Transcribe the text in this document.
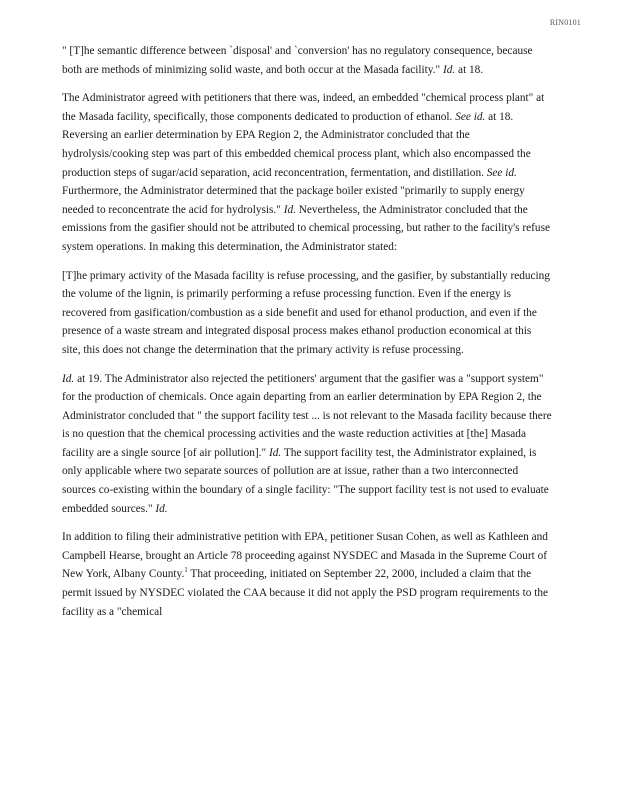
RIN0101

" [T]he semantic difference between `disposal' and `conversion' has no regulatory consequence, because both are methods of minimizing solid waste, and both occur at the Masada facility." Id. at 18.

The Administrator agreed with petitioners that there was, indeed, an embedded "chemical process plant" at the Masada facility, specifically, those components dedicated to production of ethanol. See id. at 18. Reversing an earlier determination by EPA Region 2, the Administrator concluded that the hydrolysis/cooking step was part of this embedded chemical process plant, which also encompassed the production steps of sugar/acid separation, acid reconcentration, fermentation, and distillation. See id. Furthermore, the Administrator determined that the package boiler existed "primarily to supply energy needed to reconcentrate the acid for hydrolysis." Id. Nevertheless, the Administrator concluded that the emissions from the gasifier should not be attributed to chemical processing, but rather to the facility's refuse system operations. In making this determination, the Administrator stated:

[T]he primary activity of the Masada facility is refuse processing, and the gasifier, by substantially reducing the volume of the lignin, is primarily performing a refuse processing function. Even if the energy is recovered from gasification/combustion as a side benefit and used for ethanol production, and even if the presence of a waste stream and integrated disposal process makes ethanol production economical at this site, this does not change the determination that the primary activity is refuse processing.

Id. at 19. The Administrator also rejected the petitioners' argument that the gasifier was a "support system" for the production of chemicals. Once again departing from an earlier determination by EPA Region 2, the Administrator concluded that " the support facility test ... is not relevant to the Masada facility because there is no question that the chemical processing activities and the waste reduction activities at [the] Masada facility are a single source [of air pollution]." Id. The support facility test, the Administrator explained, is only applicable where two separate sources of pollution are at issue, rather than a two interconnected sources co-existing within the boundary of a single facility: "The support facility test is not used to evaluate embedded sources." Id.

In addition to filing their administrative petition with EPA, petitioner Susan Cohen, as well as Kathleen and Campbell Hearse, brought an Article 78 proceeding against NYSDEC and Masada in the Supreme Court of New York, Albany County.$^1$ That proceeding, initiated on September 22, 2000, included a claim that the permit issued by NYSDEC violated the CAA because it did not apply the PSD program requirements to the facility as a "chemical
